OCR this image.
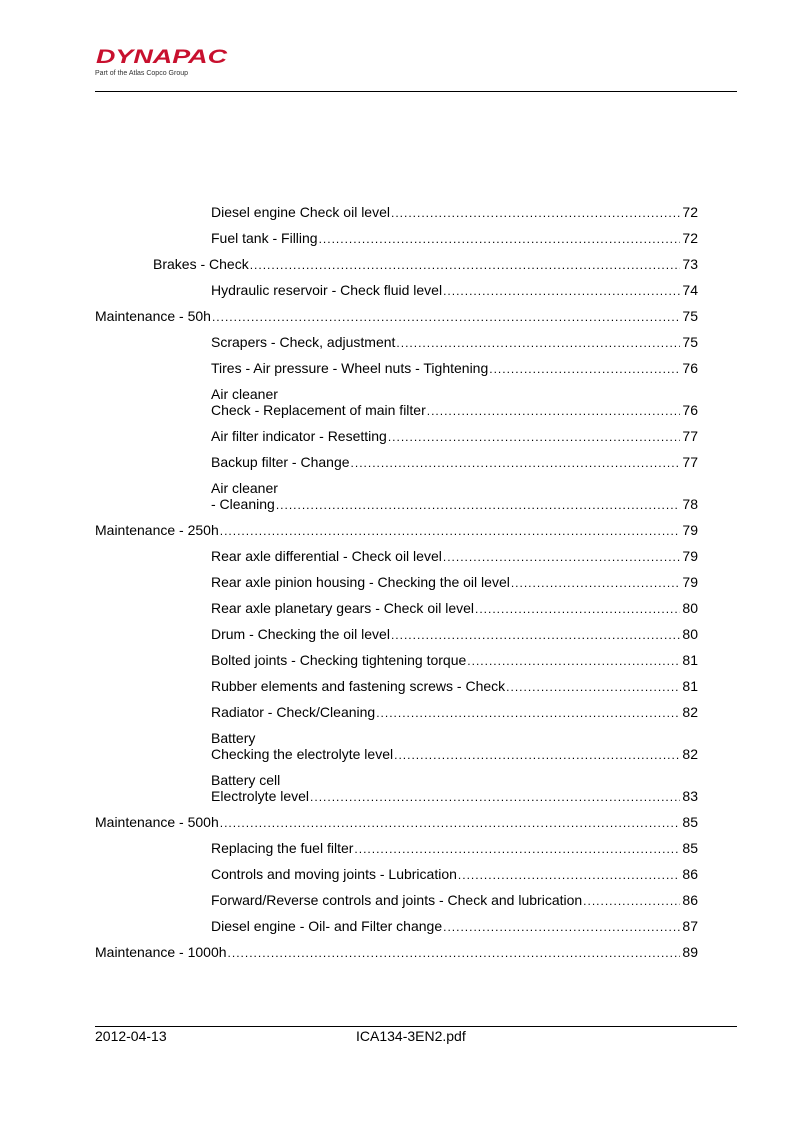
DYNAPAC
Part of the Atlas Copco Group
Diesel engine Check oil level .....	72
Fuel tank - Filling .....	72
Brakes - Check .....	73
Hydraulic reservoir - Check fluid level .....	74
Maintenance - 50h .....	75
Scrapers - Check, adjustment .....	75
Tires - Air pressure - Wheel nuts - Tightening .....	76
Air cleaner
Check - Replacement of main filter .....	76
Air filter indicator - Resetting .....	77
Backup filter - Change .....	77
Air cleaner
- Cleaning .....	78
Maintenance - 250h .....	79
Rear axle differential - Check oil level .....	79
Rear axle pinion housing - Checking the oil level .....	79
Rear axle planetary gears - Check oil level .....	80
Drum - Checking the oil level .....	80
Bolted joints - Checking tightening torque .....	81
Rubber elements and fastening screws - Check .....	81
Radiator - Check/Cleaning .....	82
Battery
Checking the electrolyte level .....	82
Battery cell
Electrolyte level .....	83
Maintenance - 500h .....	85
Replacing the fuel filter .....	85
Controls and moving joints - Lubrication .....	86
Forward/Reverse controls and joints - Check and lubrication .....	86
Diesel engine - Oil- and Filter change .....	87
Maintenance - 1000h .....	89
2012-04-13	ICA134-3EN2.pdf
